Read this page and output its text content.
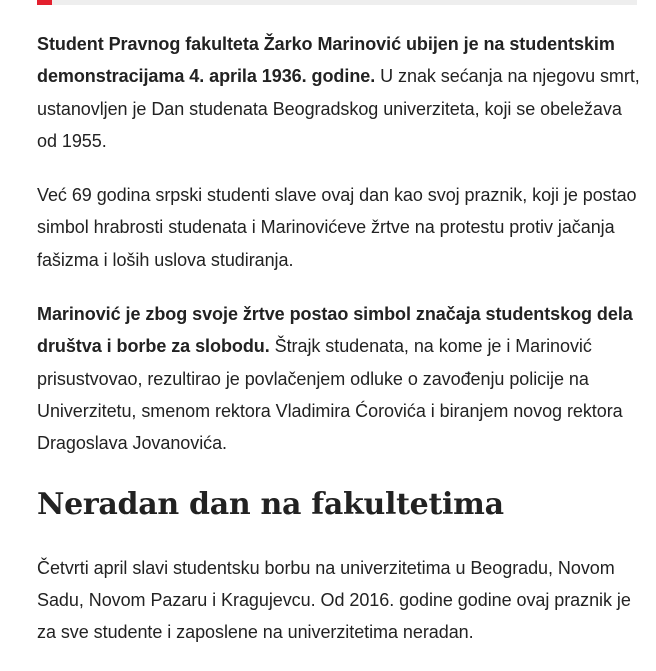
Student Pravnog fakulteta Žarko Marinović ubijen je na studentskim demonstracijama 4. aprila 1936. godine. U znak sećanja na njegovu smrt, ustanovljen je Dan studenata Beogradskog univerziteta, koji se obeležava od 1955.

Već 69 godina srpski studenti slave ovaj dan kao svoj praznik, koji je postao simbol hrabrosti studenata i Marinovićeve žrtve na protestu protiv jačanja fašizma i loših uslova studiranja.

Marinović je zbog svoje žrtve postao simbol značaja studentskog dela društva i borbe za slobodu. Štrajk studenata, na kome je i Marinović prisustvovao, rezultirao je povlačenjem odluke o zavođenju policije na Univerzitetu, smenom rektora Vladimira Ćorovića i biranjem novog rektora Dragoslava Jovanovića.

Neradan dan na fakultetima

Četvrti april slavi studentsku borbu na univerzitetima u Beogradu, Novom Sadu, Novom Pazaru i Kragujevcu. Od 2016. godine godine ovaj praznik je za sve studente i zaposlene na univerzitetima neradan.
